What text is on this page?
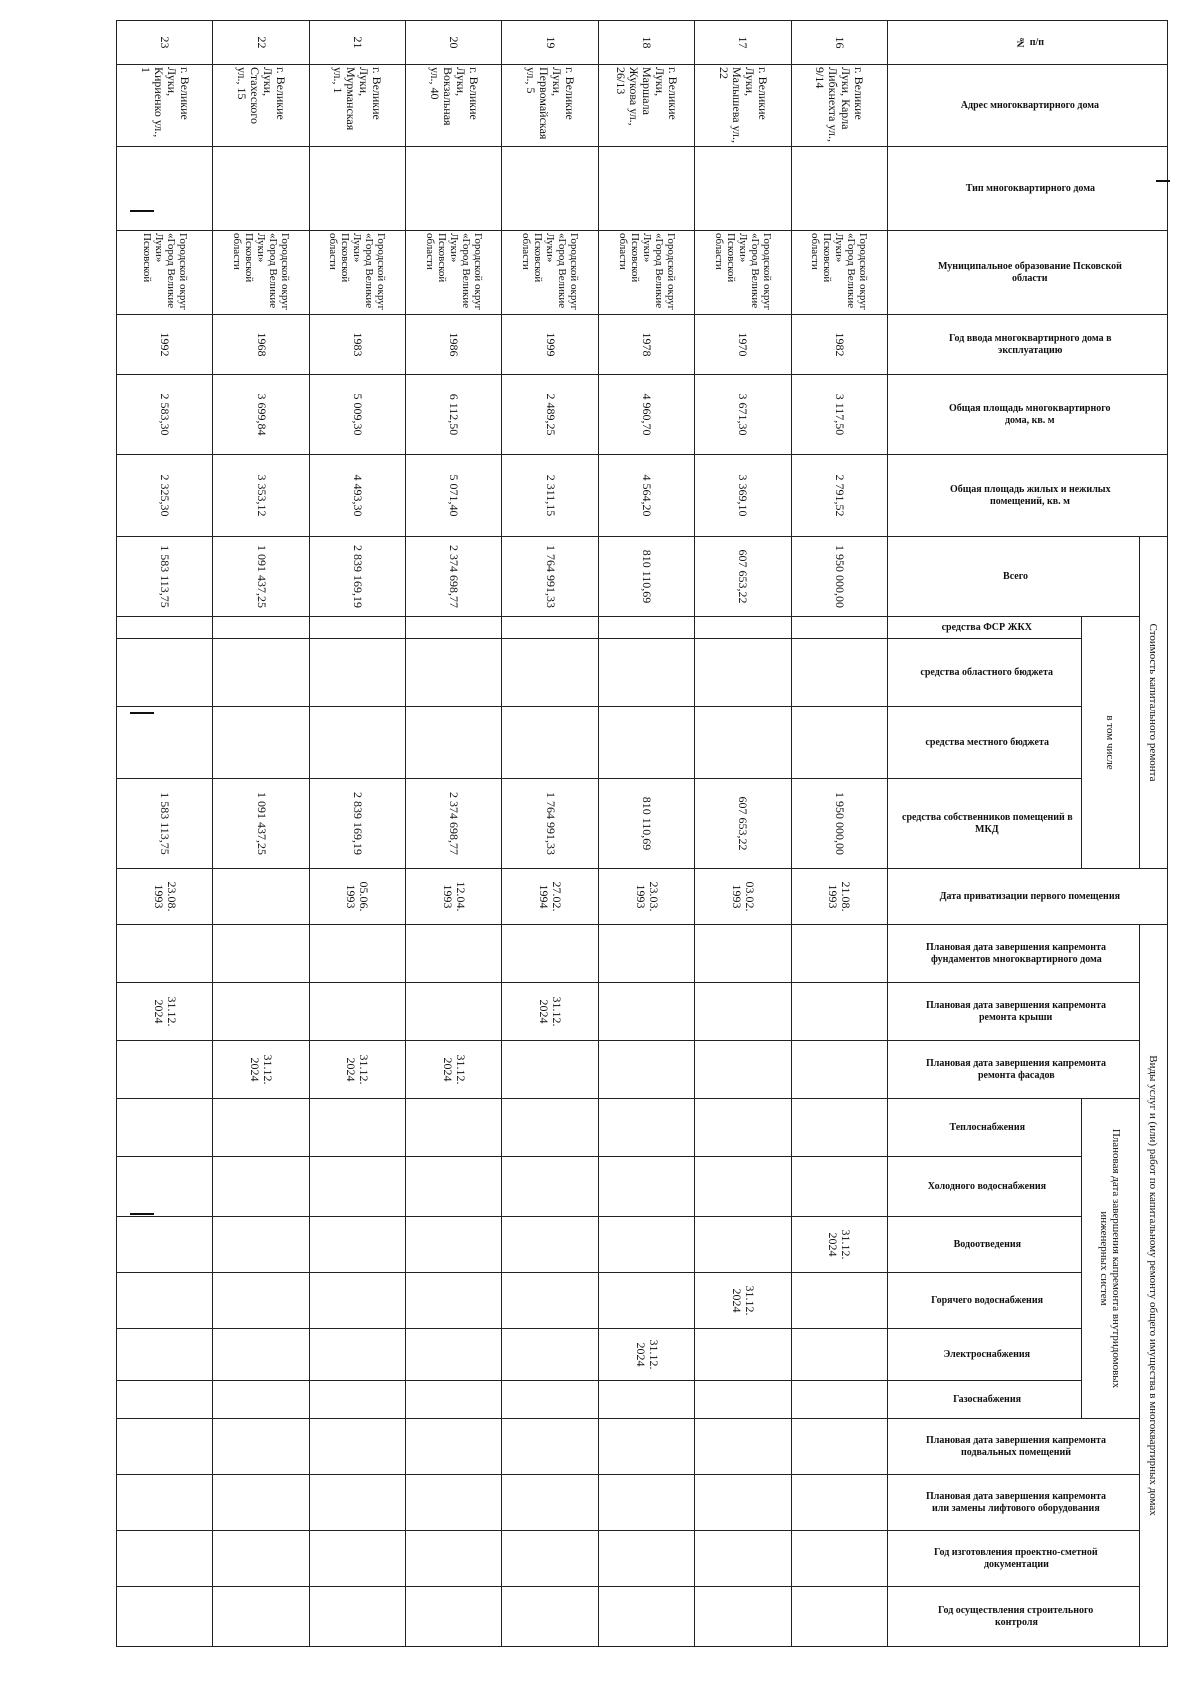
№ п/п	Адрес многоквартирного дома	Тип многоквартирного дома	Муниципальное образование Псковской области	Год ввода многоквартирного дома в эксплуатацию	Общая площадь многоквартирного дома, кв. м	Общая площадь жилых и нежилых помещений, кв. м	Стоимость капитального ремонта					Дата приватизации первого помещения	Виды услуг и (или) работ по капитальному ремонту общего имущества в многоквартирных домах												
							Всего	в том числе					Плановая дата завершения капремонта фундаментов многоквартирного дома	Плановая дата завершения капремонта ремонта крыши	Плановая дата завершения капремонта ремонта фасадов	Плановая дата завершения капремонта внутридомовых инженерных систем						Плановая дата завершения капремонта подвальных помещений	Плановая дата завершения капремонта или замены лифтового оборудования	Год изготовления проектно-сметной документации	Год осуществления строительного контроля
								средства ФСР ЖКХ	средства областного бюджета	средства местного бюджета	средства собственников помещений в МКД					Теплоснабжения	Холодного водоснабжения	Водоотведения	Горячего водоснабжения	Электроснабжения	Газоснабжения				
16	г. Великие Луки, Карла Либкнехта ул., 9/14		Городской округ «Город Великие Луки» Псковской области	1982	3 117,50	2 791,52	1 950 000,00				1 950 000,00	21.08. 1993						31.12. 2024							
17	г. Великие Луки, Малышева ул., 22		Городской округ «Город Великие Луки» Псковской области	1970	3 671,30	3 369,10	607 653,22				607 653,22	03.02. 1993							31.12. 2024						
18	г. Великие Луки, Маршала Жукова ул., 26/13		Городской округ «Город Великие Луки» Псковской области	1978	4 960,70	4 564,20	810 110,69				810 110,69	23.03. 1993								31.12. 2024					
19	г. Великие Луки, Первомайская ул., 5		Городской округ «Город Великие Луки» Псковской области	1999	2 489,25	2 311,15	1 764 991,33				1 764 991,33	27.02. 1994		31.12. 2024											
20	г. Великие Луки, Вокзальная ул., 40		Городской округ «Город Великие Луки» Псковской области	1986	6 112,50	5 071,40	2 374 698,77				2 374 698,77	12.04. 1993			31.12. 2024										
21	г. Великие Луки, Мурманская ул., 1		Городской округ «Город Великие Луки» Псковской области	1983	5 009,30	4 493,30	2 839 169,19				2 839 169,19	05.06. 1993			31.12. 2024										
22	г. Великие Луки, Стахеского ул., 15		Городской округ «Город Великие Луки» Псковской области	1968	3 699,84	3 353,12	1 091 437,25				1 091 437,25				31.12. 2024										
23	г. Великие Луки, Кириенко ул., 1		Городской округ «Город Великие Луки» Псковской	1992	2 583,30	2 325,30	1 583 113,75				1 583 113,75	23.08. 1993		31.12. 2024											
